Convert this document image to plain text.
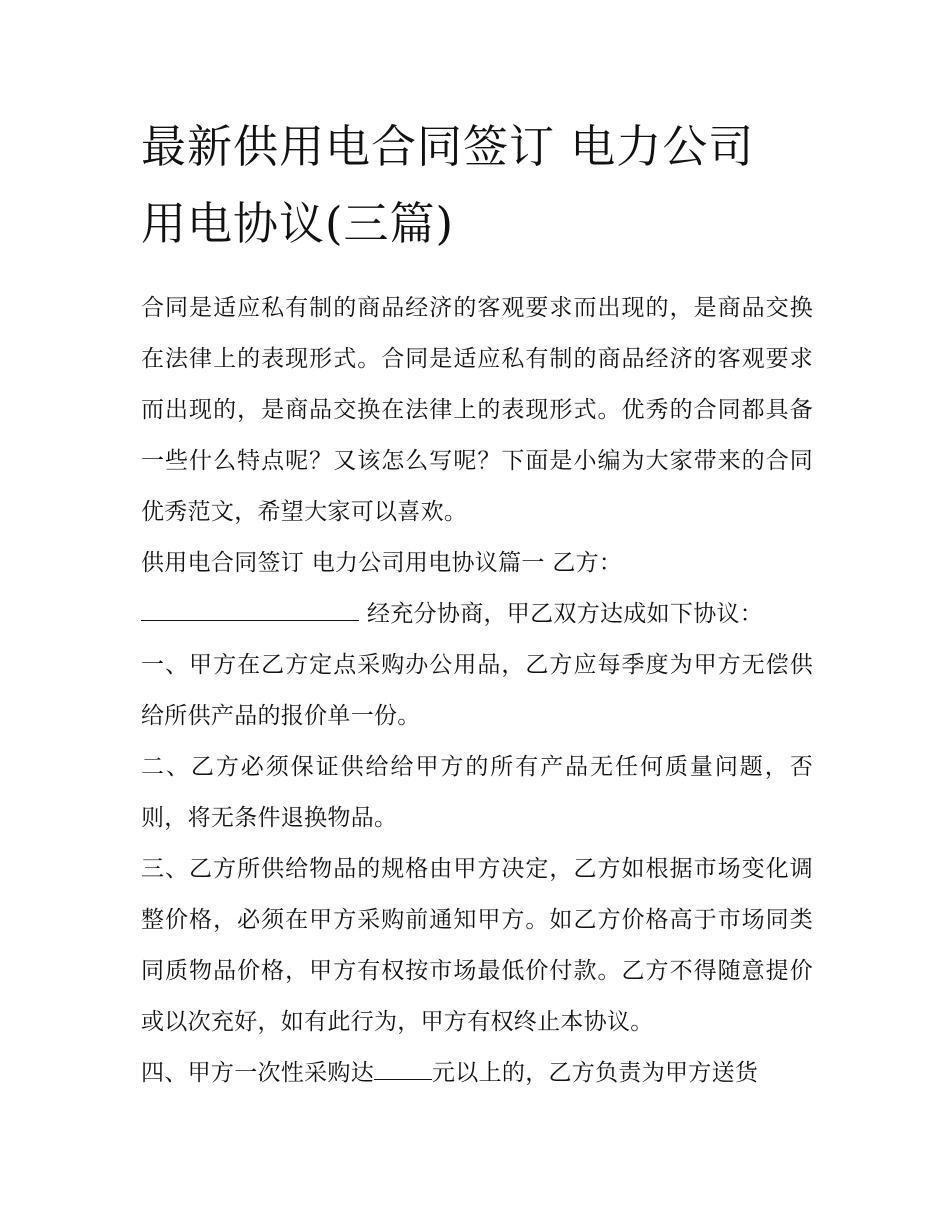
最新供用电合同签订 电力公司
用电协议(三篇)

合同是适应私有制的商品经济的客观要求而出现的，是商品交换在法律上的表现形式。合同是适应私有制的商品经济的客观要求而出现的，是商品交换在法律上的表现形式。优秀的合同都具备一些什么特点呢？又该怎么写呢？下面是小编为大家带来的合同优秀范文，希望大家可以喜欢。

供用电合同签订 电力公司用电协议篇一 乙方：

经充分协商，甲乙双方达成如下协议：

一、甲方在乙方定点采购办公用品，乙方应每季度为甲方无偿供给所供产品的报价单一份。

二、乙方必须保证供给给甲方的所有产品无任何质量问题，否则，将无条件退换物品。

三、乙方所供给物品的规格由甲方决定，乙方如根据市场变化调整价格，必须在甲方采购前通知甲方。如乙方价格高于市场同类同质物品价格，甲方有权按市场最低价付款。乙方不得随意提价或以次充好，如有此行为，甲方有权终止本协议。

四、甲方一次性采购达	元以上的，乙方负责为甲方送货
